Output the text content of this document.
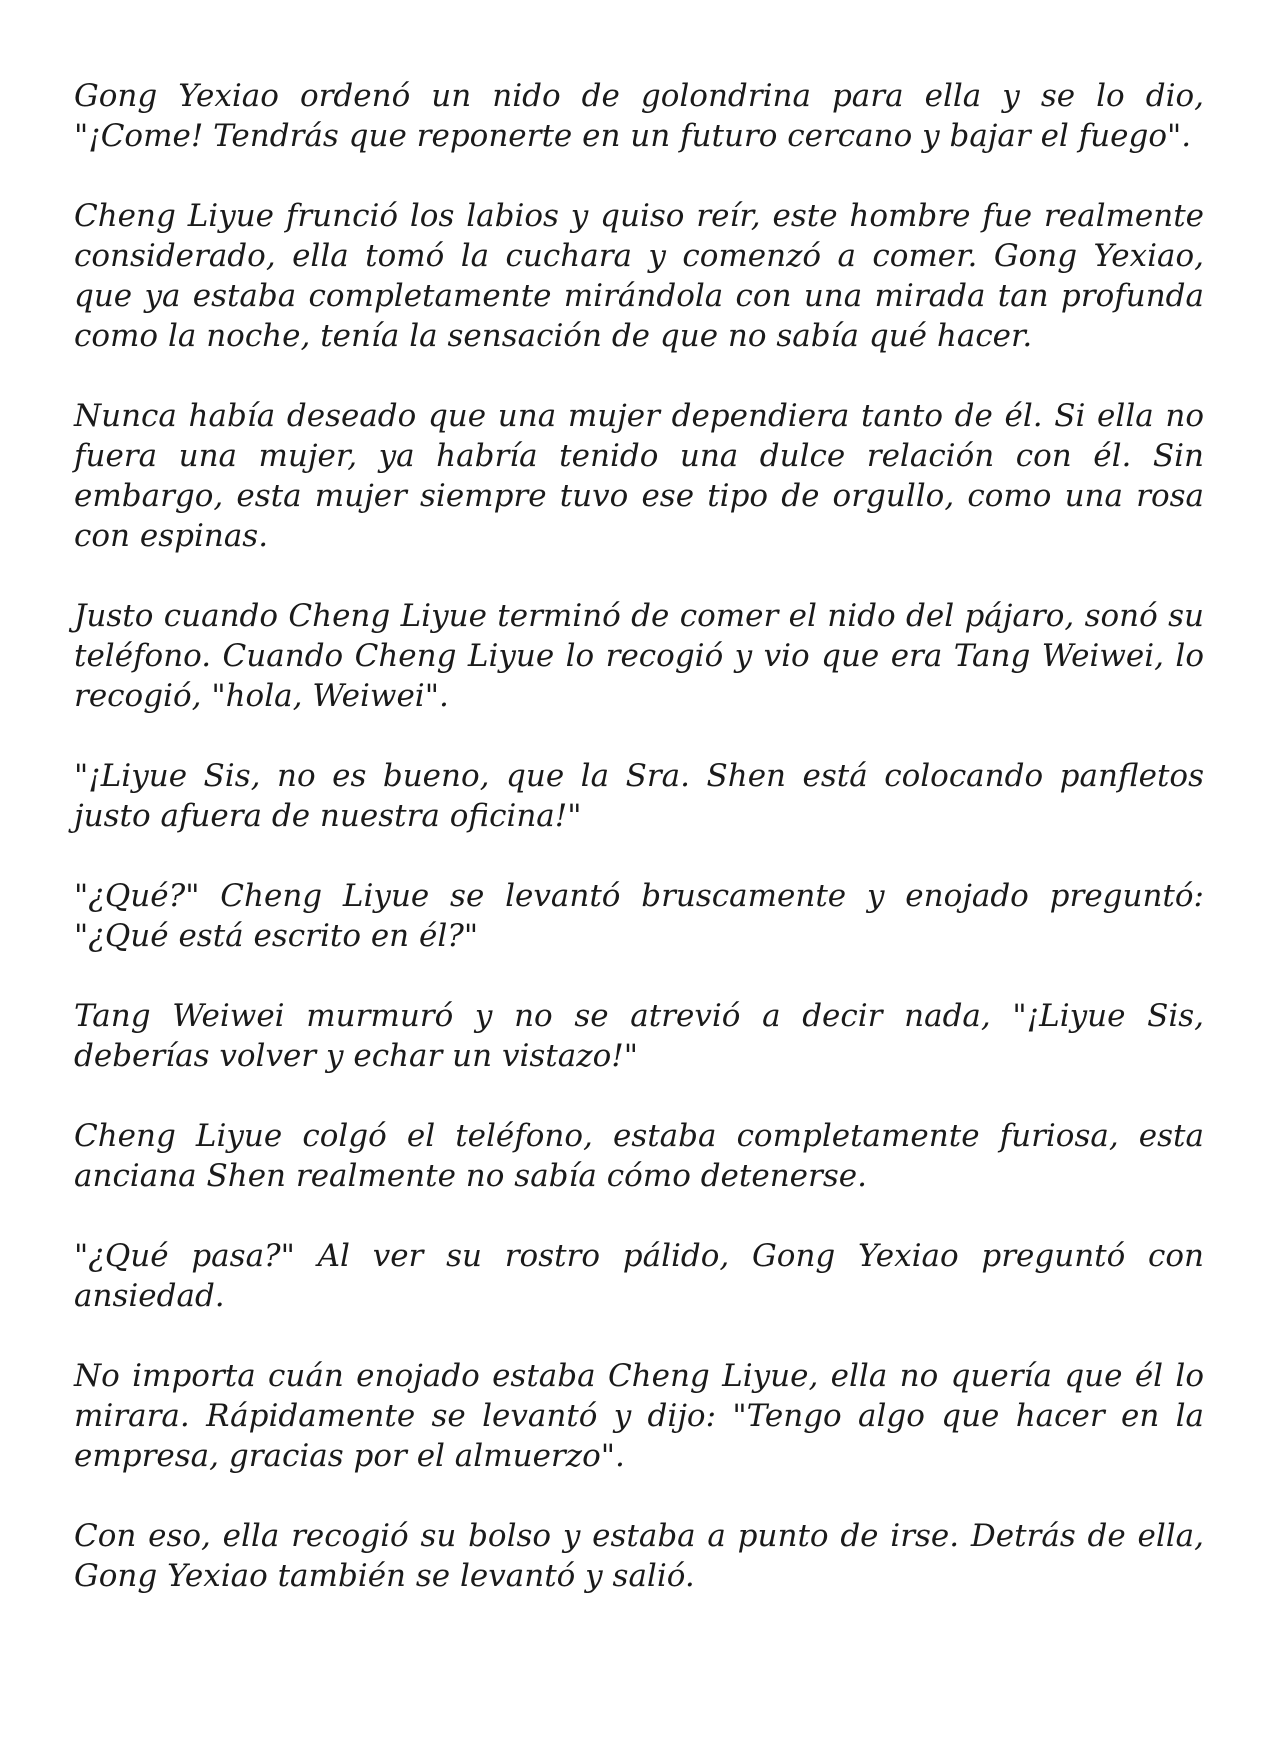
Gong Yexiao ordenó un nido de golondrina para ella y se lo dio, "¡Come! Tendrás que reponerte en un futuro cercano y bajar el fuego".

Cheng Liyue frunció los labios y quiso reír, este hombre fue realmente considerado, ella tomó la cuchara y comenzó a comer. Gong Yexiao, que ya estaba completamente mirándola con una mirada tan profunda como la noche, tenía la sensación de que no sabía qué hacer.

Nunca había deseado que una mujer dependiera tanto de él. Si ella no fuera una mujer, ya habría tenido una dulce relación con él. Sin embargo, esta mujer siempre tuvo ese tipo de orgullo, como una rosa con espinas.

Justo cuando Cheng Liyue terminó de comer el nido del pájaro, sonó su teléfono. Cuando Cheng Liyue lo recogió y vio que era Tang Weiwei, lo recogió, "hola, Weiwei".

"¡Liyue Sis, no es bueno, que la Sra. Shen está colocando panfletos justo afuera de nuestra oficina!"

"¿Qué?" Cheng Liyue se levantó bruscamente y enojado preguntó: "¿Qué está escrito en él?"

Tang Weiwei murmuró y no se atrevió a decir nada, "¡Liyue Sis, deberías volver y echar un vistazo!"

Cheng Liyue colgó el teléfono, estaba completamente furiosa, esta anciana Shen realmente no sabía cómo detenerse.

"¿Qué pasa?" Al ver su rostro pálido, Gong Yexiao preguntó con ansiedad.

No importa cuán enojado estaba Cheng Liyue, ella no quería que él lo mirara. Rápidamente se levantó y dijo: "Tengo algo que hacer en la empresa, gracias por el almuerzo".

Con eso, ella recogió su bolso y estaba a punto de irse. Detrás de ella, Gong Yexiao también se levantó y salió.
